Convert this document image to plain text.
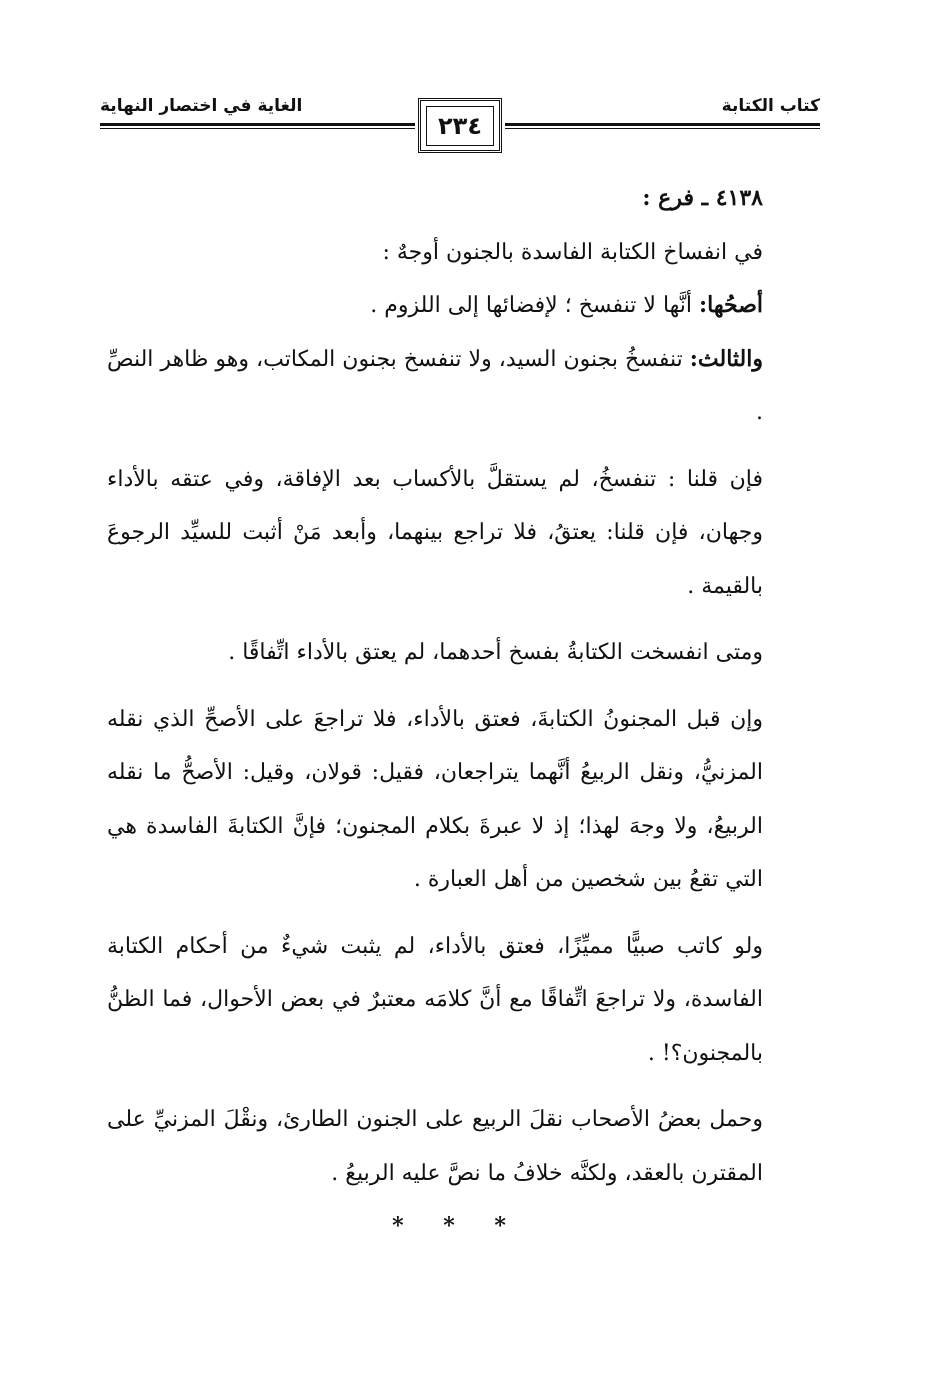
كتاب الكتابة
الغاية في اختصار النهاية
٢٣٤

٤١٣٨ ـ فرع :

في انفساخ الكتابة الفاسدة بالجنون أوجهٌ :

أصحُها: أنَّها لا تنفسخ ؛ لإفضائها إلى اللزوم .

والثالث: تنفسخُ بجنون السيد، ولا تنفسخ بجنون المكاتب، وهو ظاهر النصِّ .

فإن قلنا : تنفسخُ، لم يستقلَّ بالأكساب بعد الإفاقة، وفي عتقه بالأداء وجهان، فإن قلنا: يعتقُ، فلا تراجع بينهما، وأبعد مَنْ أثبت للسيِّد الرجوعَ بالقيمة .

ومتى انفسخت الكتابةُ بفسخ أحدهما، لم يعتق بالأداء اتِّفاقًا .

وإن قبل المجنونُ الكتابةَ، فعتق بالأداء، فلا تراجعَ على الأصحِّ الذي نقله المزنيُّ، ونقل الربيعُ أنَّهما يتراجعان، فقيل: قولان، وقيل: الأصحُّ ما نقله الربيعُ، ولا وجهَ لهذا؛ إذ لا عبرةَ بكلام المجنون؛ فإنَّ الكتابةَ الفاسدة هي التي تقعُ بين شخصين من أهل العبارة .

ولو كاتب صبيًّا مميِّزًا، فعتق بالأداء، لم يثبت شيءٌ من أحكام الكتابة الفاسدة، ولا تراجعَ اتِّفاقًا مع أنَّ كلامَه معتبرٌ في بعض الأحوال، فما الظنُّ بالمجنون؟! .

وحمل بعضُ الأصحاب نقلَ الربيع على الجنون الطارئ، ونقْلَ المزنيِّ على المقترن بالعقد، ولكنَّه خلافُ ما نصَّ عليه الربيعُ .

* * *
